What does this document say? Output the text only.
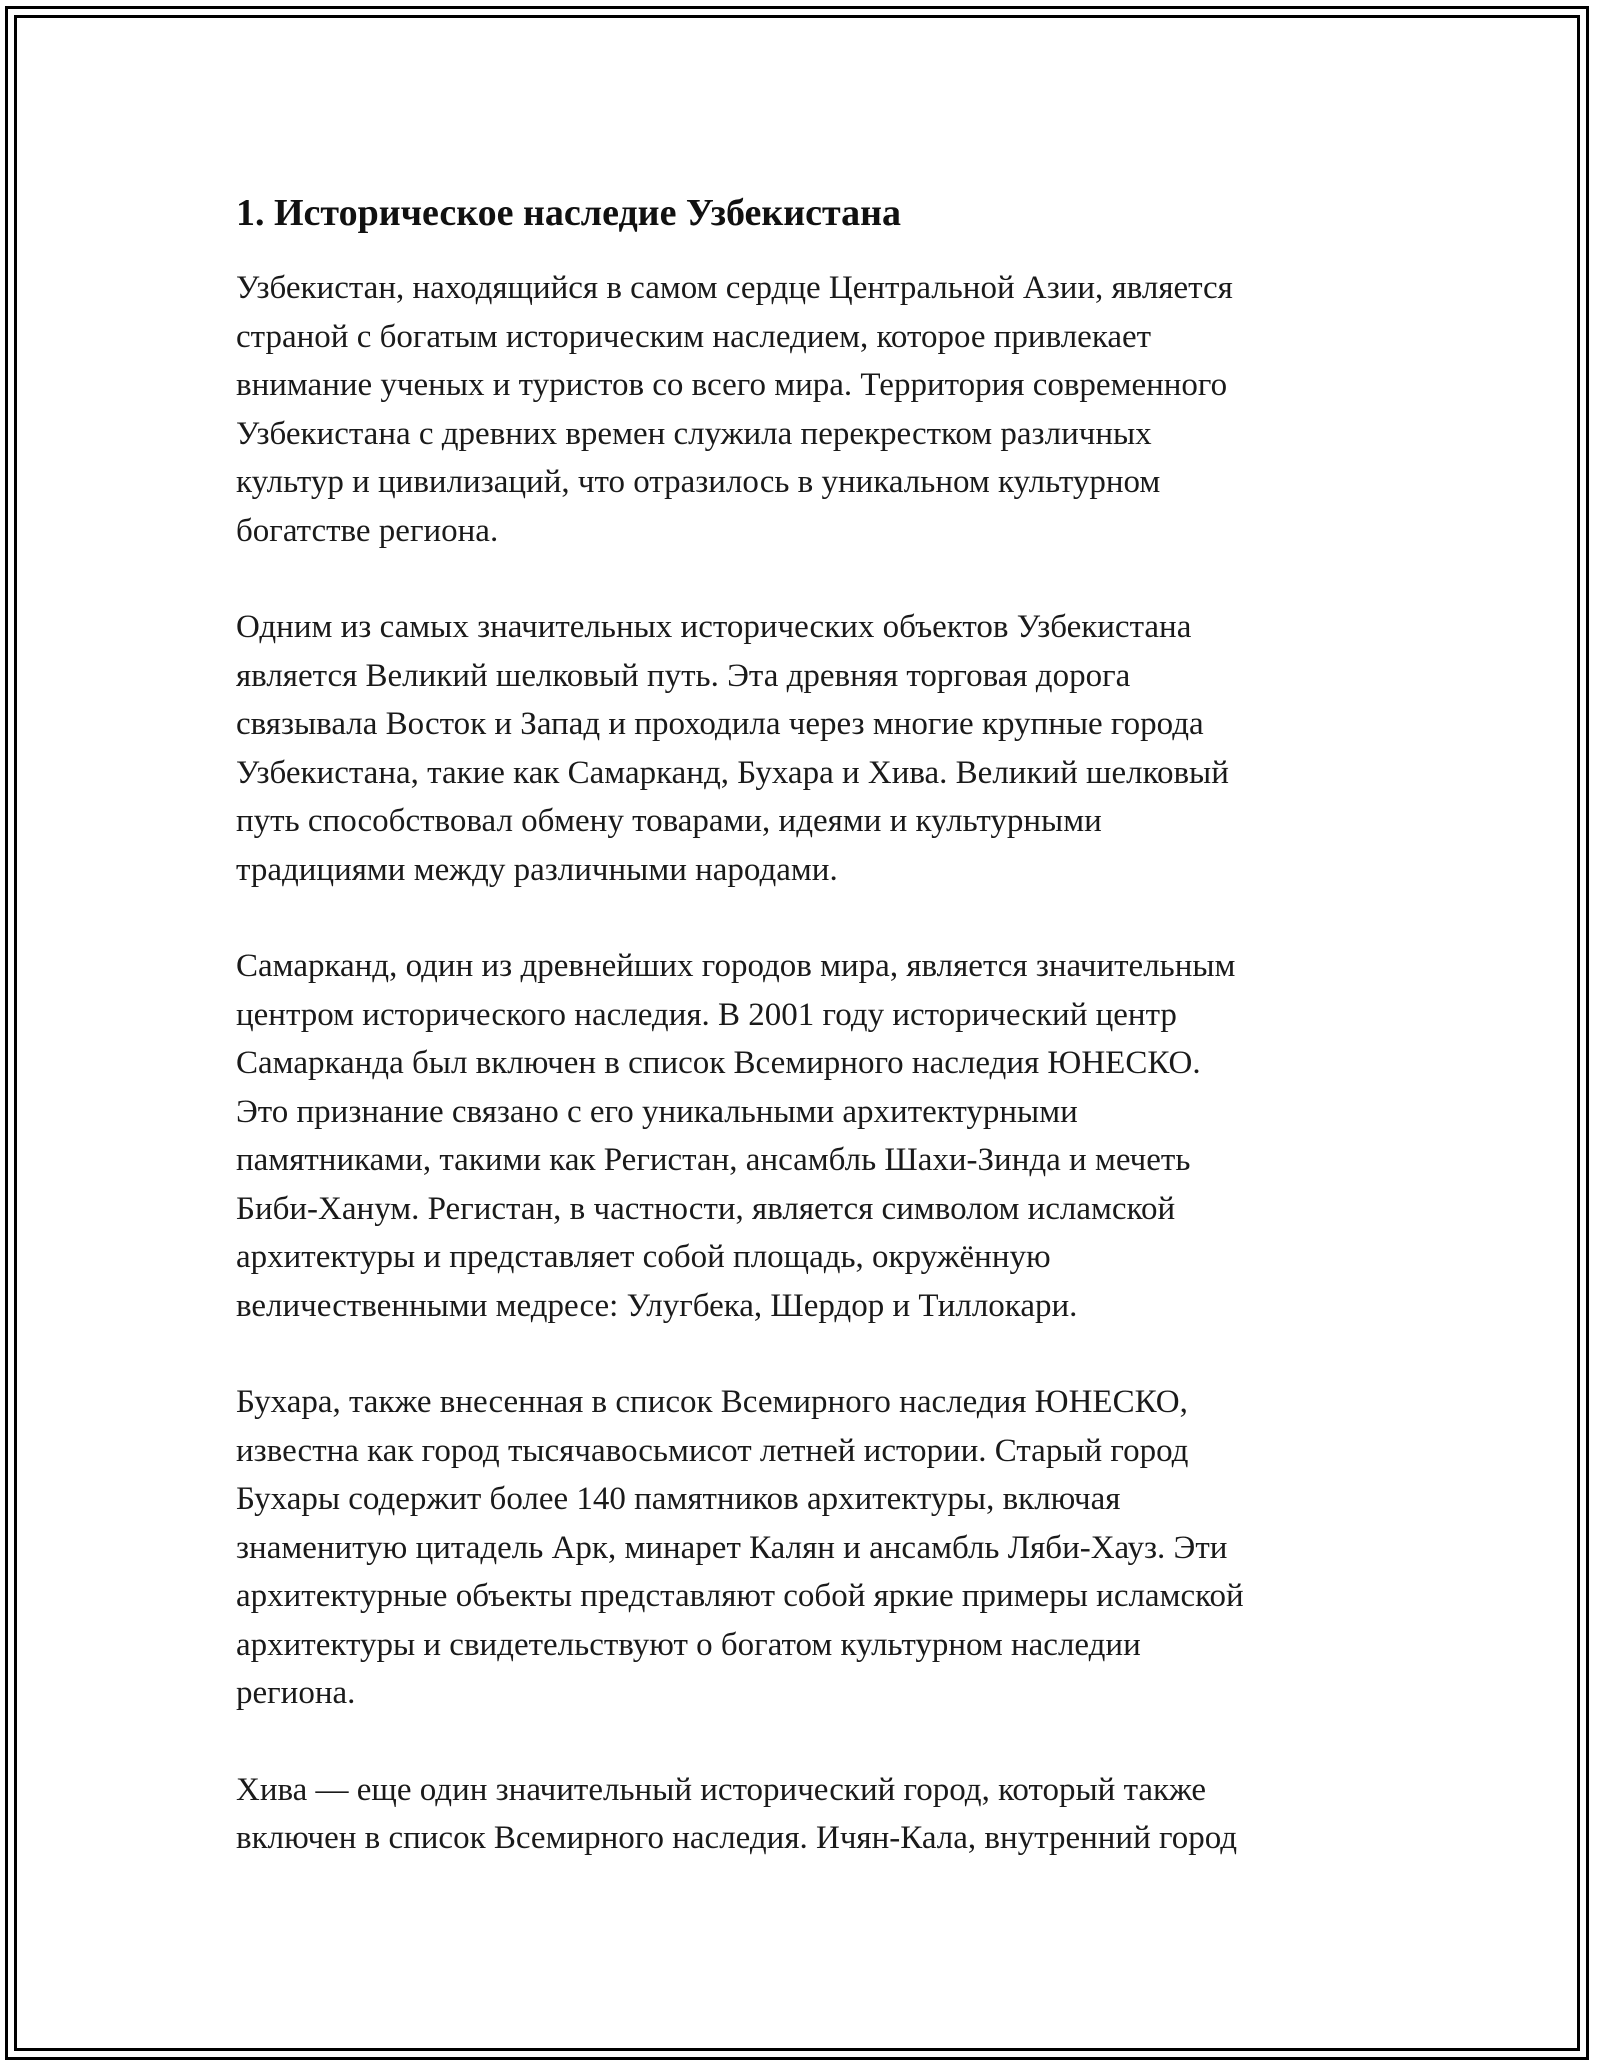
1. Историческое наследие Узбекистана

Узбекистан, находящийся в самом сердце Центральной Азии, является
страной с богатым историческим наследием, которое привлекает
внимание ученых и туристов со всего мира. Территория современного
Узбекистана с древних времен служила перекрестком различных
культур и цивилизаций, что отразилось в уникальном культурном
богатстве региона.

Одним из самых значительных исторических объектов Узбекистана
является Великий шелковый путь. Эта древняя торговая дорога
связывала Восток и Запад и проходила через многие крупные города
Узбекистана, такие как Самарканд, Бухара и Хива. Великий шелковый
путь способствовал обмену товарами, идеями и культурными
традициями между различными народами.

Самарканд, один из древнейших городов мира, является значительным
центром исторического наследия. В 2001 году исторический центр
Самарканда был включен в список Всемирного наследия ЮНЕСКО.
Это признание связано с его уникальными архитектурными
памятниками, такими как Регистан, ансамбль Шахи-Зинда и мечеть
Биби-Ханум. Регистан, в частности, является символом исламской
архитектуры и представляет собой площадь, окружённую
величественными медресе: Улугбека, Шердор и Тиллокари.

Бухара, также внесенная в список Всемирного наследия ЮНЕСКО,
известна как город тысячавосьмисот летней истории. Старый город
Бухары содержит более 140 памятников архитектуры, включая
знаменитую цитадель Арк, минарет Калян и ансамбль Ляби-Хауз. Эти
архитектурные объекты представляют собой яркие примеры исламской
архитектуры и свидетельствуют о богатом культурном наследии
региона.

Хива — еще один значительный исторический город, который также
включен в список Всемирного наследия. Ичян-Кала, внутренний город
